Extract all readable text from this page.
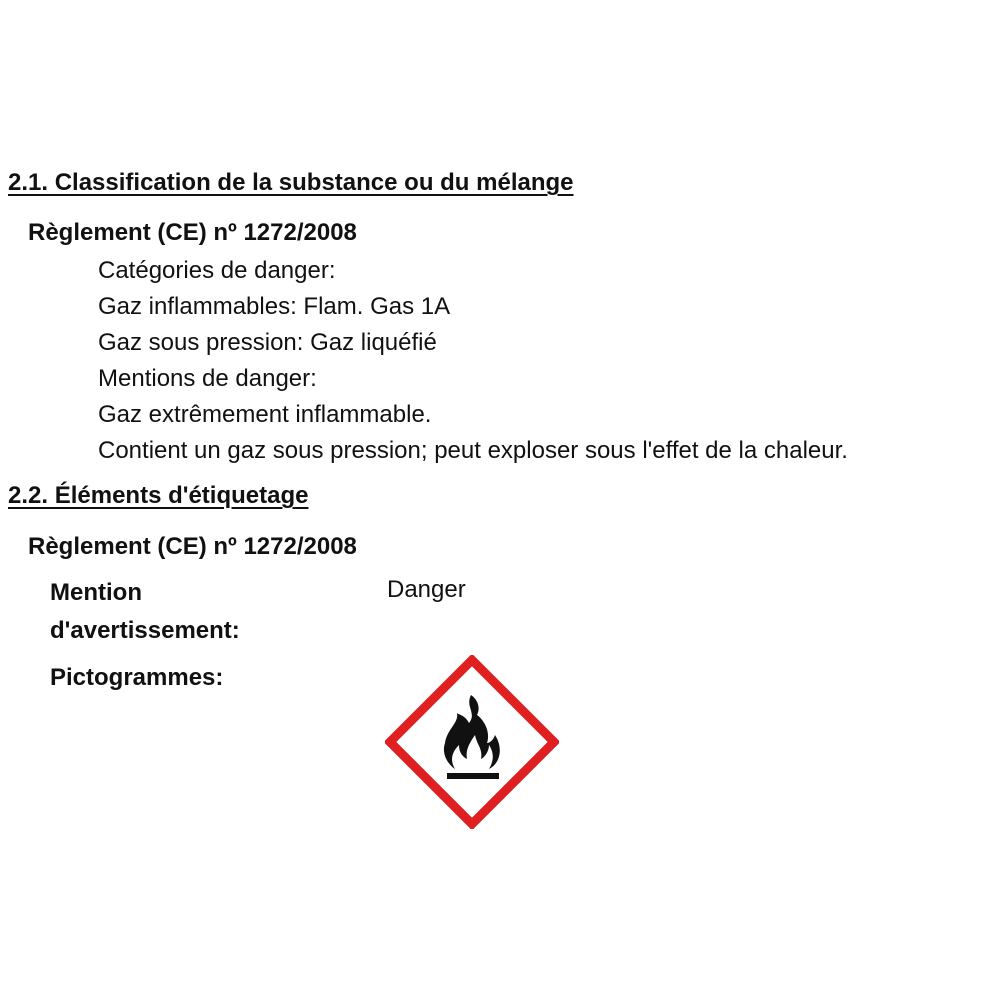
2.1. Classification de la substance ou du mélange
Règlement (CE) nº 1272/2008
Catégories de danger:
Gaz inflammables: Flam. Gas 1A
Gaz sous pression: Gaz liquéfié
Mentions de danger:
Gaz extrêmement inflammable.
Contient un gaz sous pression; peut exploser sous l'effet de la chaleur.
2.2. Éléments d'étiquetage
Règlement (CE) nº 1272/2008
Mention
d'avertissement:
Danger
Pictogrammes:
